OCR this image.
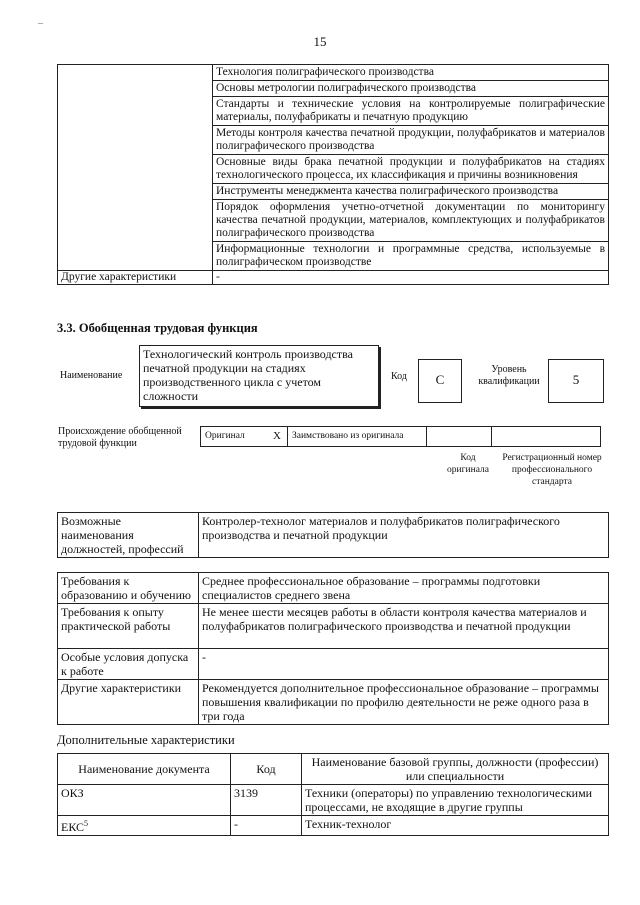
–
15
	Технология полиграфического производства
	Основы метрологии полиграфического производства
	Стандарты и технические условия на контролируемые полиграфические материалы, полуфабрикаты и печатную продукцию
	Методы контроля качества печатной продукции, полуфабрикатов и материалов полиграфического производства
	Основные виды брака печатной продукции и полуфабрикатов на стадиях технологического процесса, их классификация и причины возникновения
	Инструменты менеджмента качества полиграфического производства
	Порядок оформления учетно-отчетной документации по мониторингу качества печатной продукции, материалов, комплектующих и полуфабрикатов полиграфического производства
	Информационные технологии и программные средства, используемые в полиграфическом производстве
Другие характеристики	-
3.3. Обобщенная трудовая функция
Наименование
Технологический контроль производства печатной продукции на стадиях производственного цикла с учетом сложности
Код	C
Уровень квалификации	5
Происхождение обобщенной трудовой функции
Оригинал	X	Заимствовано из оригинала		
Код оригинала
Регистрационный номер профессионального стандарта
Возможные наименования должностей, профессий	Контролер-технолог материалов и полуфабрикатов полиграфического производства и печатной продукции
Требования к образованию и обучению	Среднее профессиональное образование – программы подготовки специалистов среднего звена
Требования к опыту практической работы	Не менее шести месяцев работы в области контроля качества материалов и полуфабрикатов полиграфического производства и печатной продукции
Особые условия допуска к работе	-
Другие характеристики	Рекомендуется дополнительное профессиональное образование – программы повышения квалификации по профилю деятельности не реже одного раза в три года
Дополнительные характеристики
Наименование документа	Код	Наименование базовой группы, должности (профессии) или специальности
ОКЗ	3139	Техники (операторы) по управлению технологическими процессами, не входящие в другие группы
ЕКС$^5$	-	Техник-технолог
